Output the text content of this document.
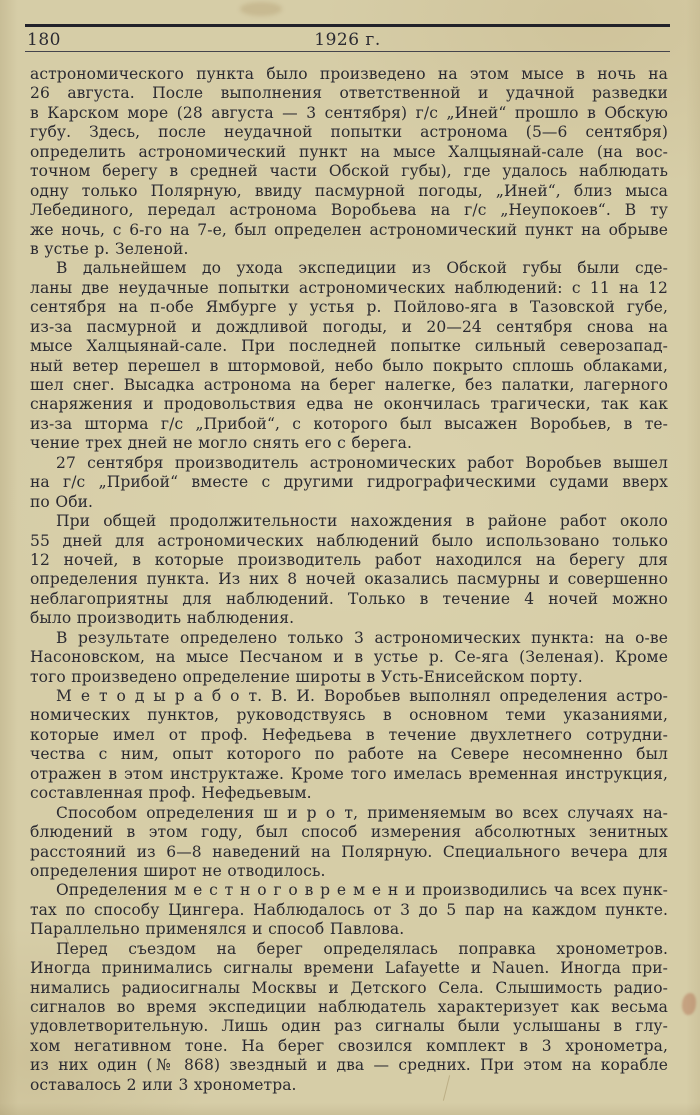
180	1926 г.
астрономического пункта было произведено на этом мысе в ночь на
26 августа. После выполнения ответственной и удачной разведки
в Карском море (28 августа — 3 сентября) г/с „Иней“ прошло в Обскую
губу. Здесь, после неудачной попытки астронома (5—6 сентября)
определить астрономический пункт на мысе Халцыянай-сале (на вос-
точном берегу в средней части Обской губы), где удалось наблюдать
одну только Полярную, ввиду пасмурной погоды, „Иней“, близ мыса
Лебединого, передал астронома Воробьева на г/с „Неупокоев“. В ту
же ночь, с 6-го на 7-е, был определен астрономический пункт на обрыве
в устье р. Зеленой.
В дальнейшем до ухода экспедиции из Обской губы были сде-
ланы две неудачные попытки астрономических наблюдений: с 11 на 12
сентября на п-обе Ямбурге у устья р. Пойлово-яга в Тазовской губе,
из-за пасмурной и дождливой погоды, и 20—24 сентября снова на
мысе Халцыянай-сале. При последней попытке сильный северозапад-
ный ветер перешел в штормовой, небо было покрыто сплошь облаками,
шел снег. Высадка астронома на берег налегке, без палатки, лагерного
снаряжения и продовольствия едва не окончилась трагически, так как
из-за шторма г/с „Прибой“, с которого был высажен Воробьев, в те-
чение трех дней не могло снять его с берега.
27 сентября производитель астрономических работ Воробьев вышел
на г/с „Прибой“ вместе с другими гидрографическими судами вверх
по Оби.
При общей продолжительности нахождения в районе работ около
55 дней для астрономических наблюдений было использовано только
12 ночей, в которые производитель работ находился на берегу для
определения пункта. Из них 8 ночей оказались пасмурны и совершенно
неблагоприятны для наблюдений. Только в течение 4 ночей можно
было производить наблюдения.
В результате определено только 3 астрономических пункта: на о-ве
Насоновском, на мысе Песчаном и в устье р. Се-яга (Зеленая). Кроме
того произведено определение широты в Усть-Енисейском порту.
М е т о д ы р а б о т. В. И. Воробьев выполнял определения астро-
номических пунктов, руководствуясь в основном теми указаниями,
которые имел от проф. Нефедьева в течение двухлетнего сотрудни-
чества с ним, опыт которого по работе на Севере несомненно был
отражен в этом инструктаже. Кроме того имелась временная инструкция,
составленная проф. Нефедьевым.
Способом определения ш и р о т, применяемым во всех случаях на-
блюдений в этом году, был способ измерения абсолютных зенитных
расстояний из 6—8 наведений на Полярную. Специального вечера для
определения широт не отводилось.
Определения м е с т н о г о в р е м е н и производились ча всех пунк-
тах по способу Цингера. Наблюдалось от 3 до 5 пар на каждом пункте.
Параллельно применялся и способ Павлова.
Перед съездом на берег определялась поправка хронометров.
Иногда принимались сигналы времени Lafayette и Nauen. Иногда при-
нимались радиосигналы Москвы и Детского Села. Слышимость радио-
сигналов во время экспедиции наблюдатель характеризует как весьма
удовлетворительную. Лишь один раз сигналы были услышаны в глу-
хом негативном тоне. На берег свозился комплект в 3 хронометра,
из них один (№ 868) звездный и два — средних. При этом на корабле
оставалось 2 или 3 хронометра.
